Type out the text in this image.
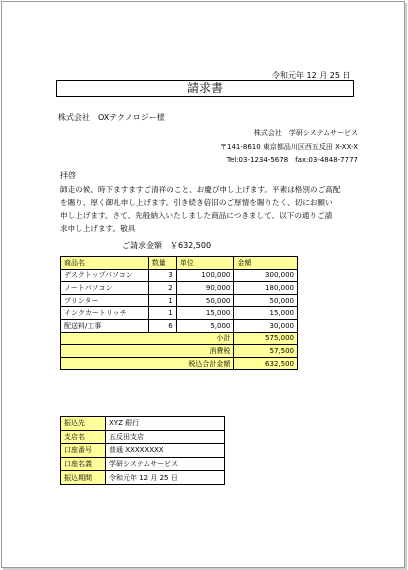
令和元年 12 月 25 日
請求書
株式会社　OXテクノロジー様
株式会社　学研システムサービス
〒141-8610 東京都品川区西五反田 X-XX-X
Tel:03-1234-5678　fax:03-4848-7777
拝啓
師走の候、時下ますますご清祥のこと、お慶び申し上げます。平素は格別のご高配
を賜り、厚く御礼申し上げます。引き続き倍旧のご厚情を賜りたく、切にお願い
申し上げます。さて、先般納入いたしました商品につきまして、以下の通りご請
求申し上げます。敬具
ご請求金額　￥632,500
商品名	数量	単位	金額
デスクトップパソコン	3	100,000	300,000
ノートパソコン	2	90,000	180,000
プリンター	1	50,000	50,000
インクカートリッチ	1	15,000	15,000
配送料/工事	6	5,000	30,000
小計			575,000
消費税			57,500
税込合計金額			632,500
振込先	XYZ 銀行
支店名	五反田支店
口座番号	普通 XXXXXXXX
口座名義	学研システムサービス
振込期間	令和元年 12 月 25 日
